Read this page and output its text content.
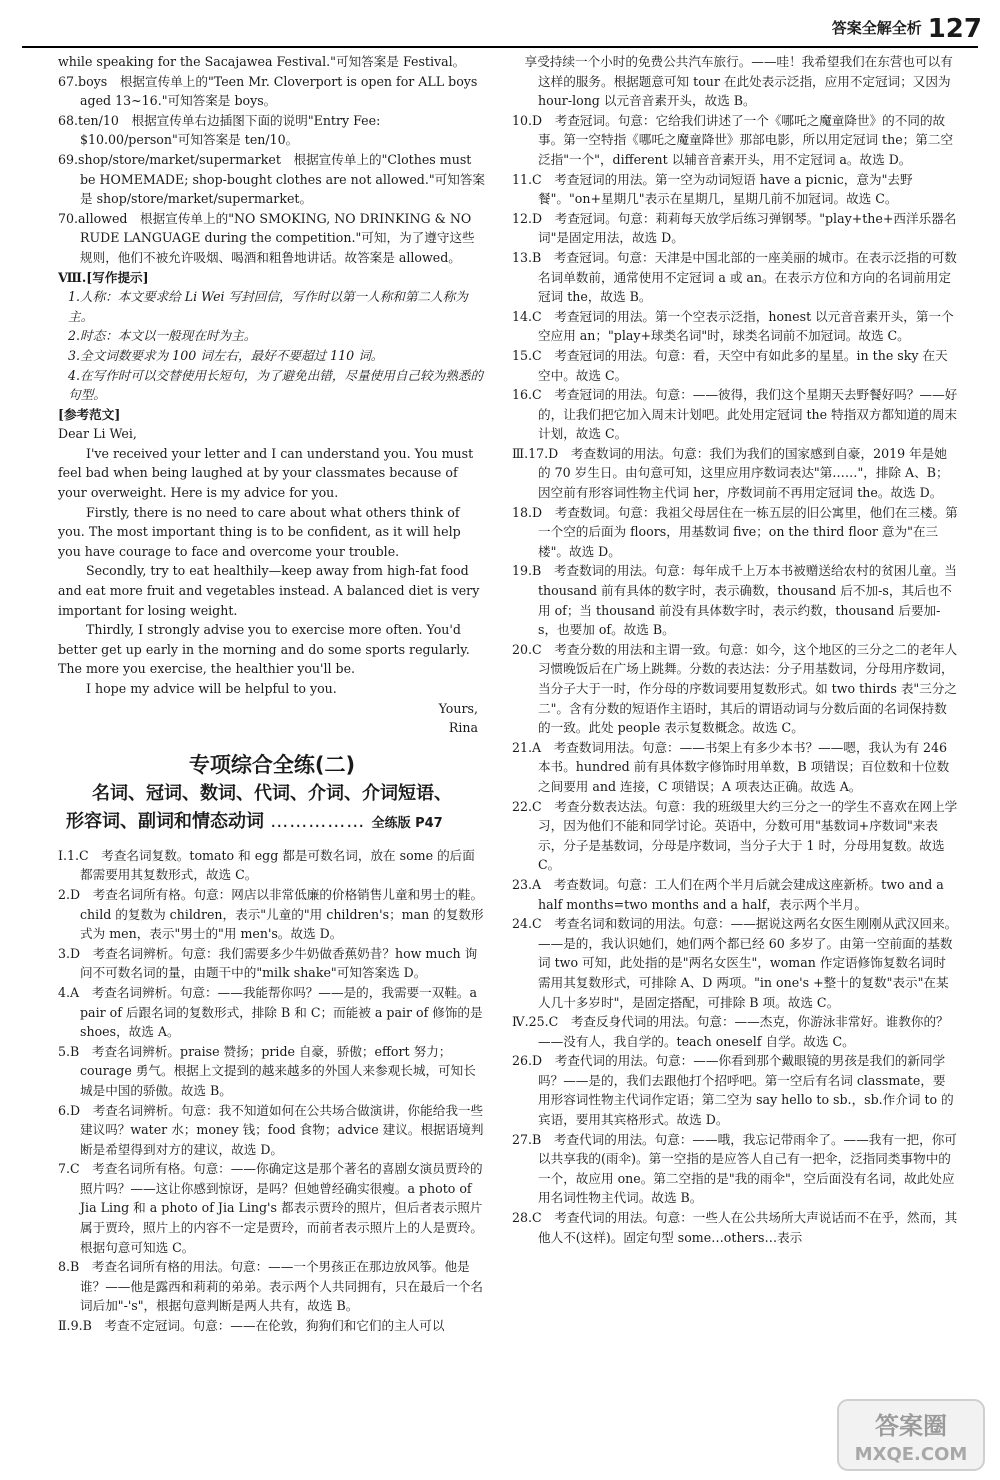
答案全解全析 127
while speaking for the Sacajawea Festival."可知答案是 Festival。
67.boys　根据宣传单上的"Teen Mr. Cloverport is open for ALL boys aged 13~16."可知答案是 boys。
68.ten/10　根据宣传单右边插图下面的说明"Entry Fee: $10.00/person"可知答案是 ten/10。
69.shop/store/market/supermarket　根据宣传单上的"Clothes must be HOMEMADE; shop-bought clothes are not allowed."可知答案是 shop/store/market/supermarket。
70.allowed　根据宣传单上的"NO SMOKING, NO DRINKING & NO RUDE LANGUAGE during the competition."可知，为了遵守这些规则，他们不被允许吸烟、喝酒和粗鲁地讲话。故答案是 allowed。
Ⅷ.[写作提示]
1.人称：本文要求给 Li Wei 写封回信，写作时以第一人称和第二人称为主。
2.时态：本文以一般现在时为主。
3.全文词数要求为 100 词左右，最好不要超过 110 词。
4.在写作时可以交替使用长短句，为了避免出错，尽量使用自己较为熟悉的句型。
[参考范文]
Dear Li Wei,
I've received your letter and I can understand you. You must feel bad when being laughed at by your classmates because of your overweight. Here is my advice for you.
Firstly, there is no need to care about what others think of you. The most important thing is to be confident, as it will help you have courage to face and overcome your trouble.
Secondly, try to eat healthily—keep away from high-fat food and eat more fruit and vegetables instead. A balanced diet is very important for losing weight.
Thirdly, I strongly advise you to exercise more often. You'd better get up early in the morning and do some sports regularly. The more you exercise, the healthier you'll be.
I hope my advice will be helpful to you.
Yours,
Rina
专项综合全练(二)
名词、冠词、数词、代词、介词、介词短语、
形容词、副词和情态动词 …………… 全练版 P47
Ⅰ.1.C　考查名词复数。tomato 和 egg 都是可数名词，放在 some 的后面都需要用其复数形式，故选 C。
2.D　考查名词所有格。句意：网店以非常低廉的价格销售儿童和男士的鞋。child 的复数为 children，表示"儿童的"用 children's；man 的复数形式为 men，表示"男士的"用 men's。故选 D。
3.D　考查名词辨析。句意：我们需要多少牛奶做香蕉奶昔？how much 询问不可数名词的量，由题干中的"milk shake"可知答案选 D。
4.A　考查名词辨析。句意：——我能帮你吗？——是的，我需要一双鞋。a pair of 后跟名词的复数形式，排除 B 和 C；而能被 a pair of 修饰的是 shoes，故选 A。
5.B　考查名词辨析。praise 赞扬；pride 自豪，骄傲；effort 努力；courage 勇气。根据上文提到的越来越多的外国人来参观长城，可知长城是中国的骄傲。故选 B。
6.D　考查名词辨析。句意：我不知道如何在公共场合做演讲，你能给我一些建议吗？water 水；money 钱；food 食物；advice 建议。根据语境判断是希望得到对方的建议，故选 D。
7.C　考查名词所有格。句意：——你确定这是那个著名的喜剧女演员贾玲的照片吗？——这让你感到惊讶，是吗？但她曾经确实很瘦。a photo of Jia Ling 和 a photo of Jia Ling's 都表示贾玲的照片，但后者表示照片属于贾玲，照片上的内容不一定是贾玲，而前者表示照片上的人是贾玲。根据句意可知选 C。
8.B　考查名词所有格的用法。句意：——一个男孩正在那边放风筝。他是谁？——他是露西和莉莉的弟弟。表示两个人共同拥有，只在最后一个名词后加"-'s"，根据句意判断是两人共有，故选 B。
Ⅱ.9.B　考查不定冠词。句意：——在伦敦，狗狗们和它们的主人可以
　享受持续一个小时的免费公共汽车旅行。——哇！我希望我们在东营也可以有这样的服务。根据题意可知 tour 在此处表示泛指，应用不定冠词；又因为 hour-long 以元音音素开头，故选 B。
10.D　考查冠词。句意：它给我们讲述了一个《哪吒之魔童降世》的不同的故事。第一空特指《哪吒之魔童降世》那部电影，所以用定冠词 the；第二空泛指"一个"，different 以辅音音素开头，用不定冠词 a。故选 D。
11.C　考查冠词的用法。第一空为动词短语 have a picnic，意为"去野餐"。"on+星期几"表示在星期几，星期几前不加冠词。故选 C。
12.D　考查冠词。句意：莉莉每天放学后练习弹钢琴。"play+the+西洋乐器名词"是固定用法，故选 D。
13.B　考查冠词。句意：天津是中国北部的一座美丽的城市。在表示泛指的可数名词单数前，通常使用不定冠词 a 或 an。在表示方位和方向的名词前用定冠词 the，故选 B。
14.C　考查冠词的用法。第一个空表示泛指，honest 以元音音素开头，第一个空应用 an；"play+球类名词"时，球类名词前不加冠词。故选 C。
15.C　考查冠词的用法。句意：看，天空中有如此多的星星。in the sky 在天空中。故选 C。
16.C　考查冠词的用法。句意：——彼得，我们这个星期天去野餐好吗？——好的，让我们把它加入周末计划吧。此处用定冠词 the 特指双方都知道的周末计划，故选 C。
Ⅲ.17.D　考查数词的用法。句意：我们为我们的国家感到自豪，2019 年是她的 70 岁生日。由句意可知，这里应用序数词表达"第……"，排除 A、B；因空前有形容词性物主代词 her，序数词前不再用定冠词 the。故选 D。
18.D　考查数词。句意：我祖父母居住在一栋五层的旧公寓里，他们在三楼。第一个空的后面为 floors，用基数词 five；on the third floor 意为"在三楼"。故选 D。
19.B　考查数词的用法。句意：每年成千上万本书被赠送给农村的贫困儿童。当 thousand 前有具体的数字时，表示确数，thousand 后不加-s，其后也不用 of；当 thousand 前没有具体数字时，表示约数，thousand 后要加-s，也要加 of。故选 B。
20.C　考查分数的用法和主谓一致。句意：如今，这个地区的三分之二的老年人习惯晚饭后在广场上跳舞。分数的表达法：分子用基数词，分母用序数词，当分子大于一时，作分母的序数词要用复数形式。如 two thirds 表"三分之二"。含有分数的短语作主语时，其后的谓语动词与分数后面的名词保持数的一致。此处 people 表示复数概念。故选 C。
21.A　考查数词用法。句意：——书架上有多少本书？——嗯，我认为有 246 本书。hundred 前有具体数字修饰时用单数，B 项错误；百位数和十位数之间要用 and 连接，C 项错误；A 项表达正确。故选 A。
22.C　考查分数表达法。句意：我的班级里大约三分之一的学生不喜欢在网上学习，因为他们不能和同学讨论。英语中，分数可用"基数词+序数词"来表示，分子是基数词，分母是序数词，当分子大于 1 时，分母用复数。故选 C。
23.A　考查数词。句意：工人们在两个半月后就会建成这座新桥。two and a half months=two months and a half，表示两个半月。
24.C　考查名词和数词的用法。句意：——据说这两名女医生刚刚从武汉回来。——是的，我认识她们，她们两个都已经 60 多岁了。由第一空前面的基数词 two 可知，此处指的是"两名女医生"，woman 作定语修饰复数名词时需用其复数形式，可排除 A、D 两项。"in one's +整十的复数"表示"在某人几十多岁时"，是固定搭配，可排除 B 项。故选 C。
Ⅳ.25.C　考查反身代词的用法。句意：——杰克，你游泳非常好。谁教你的？——没有人，我自学的。teach oneself 自学。故选 C。
26.D　考查代词的用法。句意：——你看到那个戴眼镜的男孩是我们的新同学吗？——是的，我们去跟他打个招呼吧。第一空后有名词 classmate，要用形容词性物主代词作定语；第二空为 say hello to sb.，sb.作介词 to 的宾语，要用其宾格形式。故选 D。
27.B　考查代词的用法。句意：——哦，我忘记带雨伞了。——我有一把，你可以共享我的(雨伞)。第一空指的是应答人自己有一把伞，泛指同类事物中的一个，故应用 one。第二空指的是"我的雨伞"，空后面没有名词，故此处应用名词性物主代词。故选 B。
28.C　考查代词的用法。句意：一些人在公共场所大声说话而不在乎，然而，其他人不(这样)。固定句型 some…others…表示
答案圈
MXQE.COM
